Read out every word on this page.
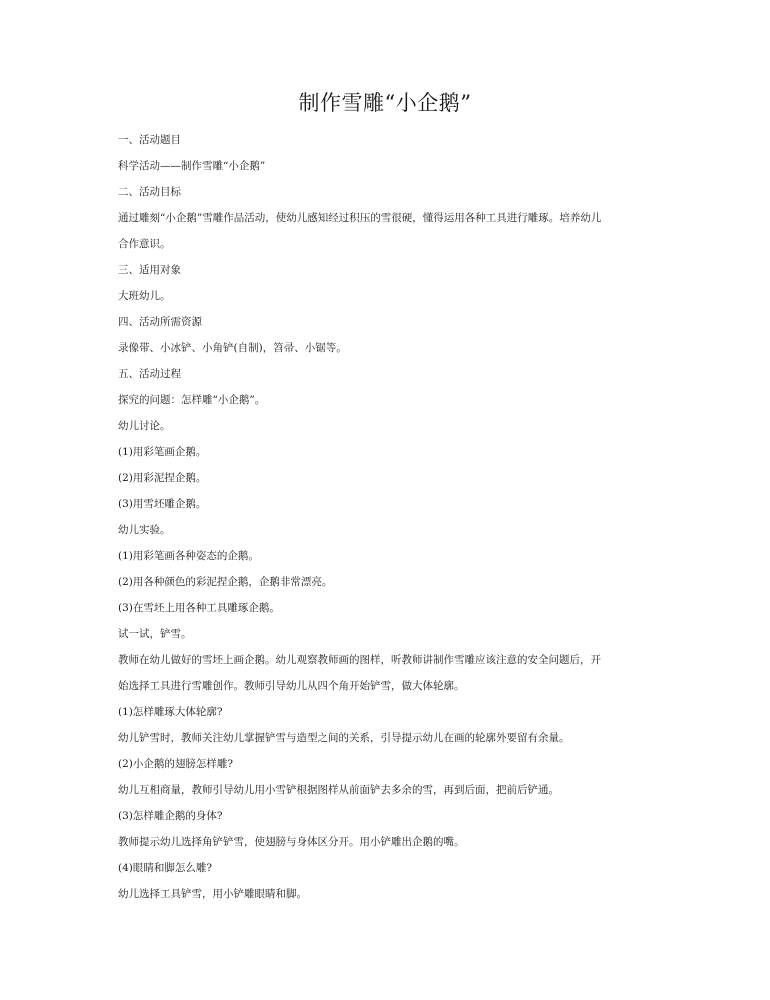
制作雪雕“小企鹅”
一、活动题目
科学活动——制作雪雕“小企鹅”
二、活动目标
通过雕刻“小企鹅”雪雕作品活动，使幼儿感知经过积压的雪很硬，懂得运用各种工具进行雕琢。培养幼儿
合作意识。
三、适用对象
大班幼儿。
四、活动所需资源
录像带、小冰铲、小角铲(自制)，笤帚、小锯等。
五、活动过程
探究的问题：怎样雕“小企鹅”。
幼儿讨论。
(1)用彩笔画企鹅。
(2)用彩泥捏企鹅。
(3)用雪坯雕企鹅。
幼儿实验。
(1)用彩笔画各种姿态的企鹅。
(2)用各种颜色的彩泥捏企鹅，企鹅非常漂亮。
(3)在雪坯上用各种工具雕琢企鹅。
试一试，铲雪。
教师在幼儿做好的雪坯上画企鹅。幼儿观察教师画的图样，听教师讲制作雪雕应该注意的安全问题后，开
始选择工具进行雪雕创作。教师引导幼儿从四个角开始铲雪，做大体轮廓。
(1)怎样雕琢大体轮廓?
幼儿铲雪时，教师关注幼儿掌握铲雪与造型之间的关系，引导提示幼儿在画的轮廓外要留有余量。
(2)小企鹅的翅膀怎样雕?
幼儿互相商量，教师引导幼儿用小雪铲根据图样从前面铲去多余的雪，再到后面，把前后铲通。
(3)怎样雕企鹅的身体?
教师提示幼儿选择角铲铲雪，使翅膀与身体区分开。用小铲雕出企鹅的嘴。
(4)眼睛和脚怎么雕?
幼儿选择工具铲雪，用小铲雕眼睛和脚。
